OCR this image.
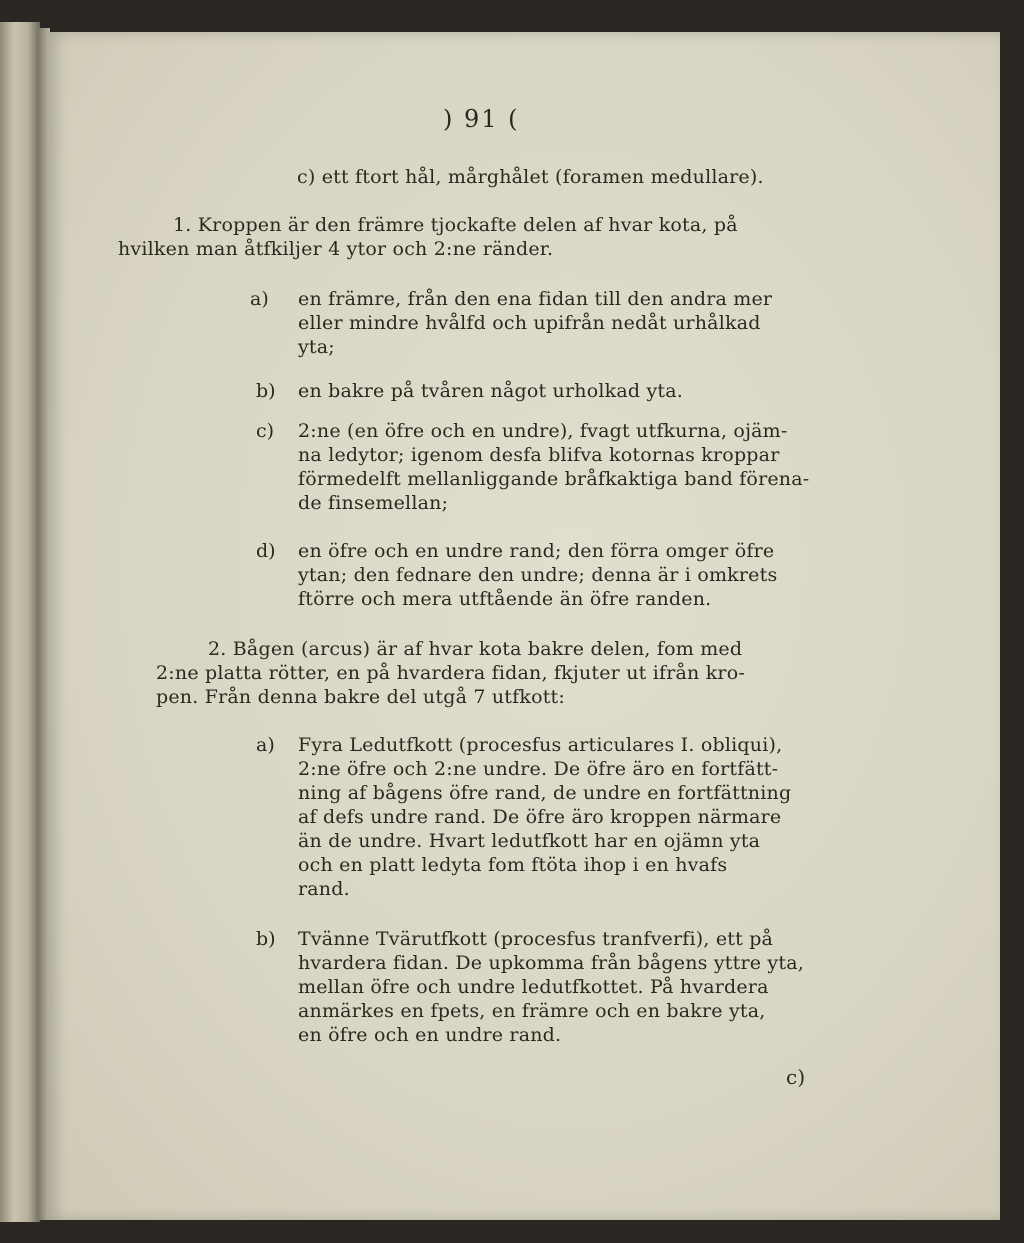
) 91 (

c) ett ftort hål, mårghålet (foramen medullare).

1. Kroppen är den främre tjockafte delen af hvar kota, på

hvilken man åtfkiljer 4 ytor och 2:ne ränder.

a) en främre, från den ena fidan till den andra mer

eller mindre hvålfd och upifrån nedåt urhålkad

yta;

b) en bakre på tvåren något urholkad yta.

c) 2:ne (en öfre och en undre), fvagt utfkurna, ojäm-

na ledytor; igenom desfa blifva kotornas kroppar

förmedelft mellanliggande bråfkaktiga band förena-

de finsemellan;

d) en öfre och en undre rand; den förra omger öfre

ytan; den fednare den undre; denna är i omkrets

ftörre och mera utftående än öfre randen.

2. Bågen (arcus) är af hvar kota bakre delen, fom med

2:ne platta rötter, en på hvardera fidan, fkjuter ut ifrån kro-

pen. Från denna bakre del utgå 7 utfkott:

a) Fyra Ledutfkott (procesfus articulares I. obliqui),

2:ne öfre och 2:ne undre. De öfre äro en fortfätt-

ning af bågens öfre rand, de undre en fortfättning

af defs undre rand. De öfre äro kroppen närmare

än de undre. Hvart ledutfkott har en ojämn yta

och en platt ledyta fom ftöta ihop i en hvafs

rand.

b) Tvänne Tvärutfkott (procesfus tranfverfi), ett på

hvardera fidan. De upkomma från bågens yttre yta,

mellan öfre och undre ledutfkottet. På hvardera

anmärkes en fpets, en främre och en bakre yta,

en öfre och en undre rand.

c)
